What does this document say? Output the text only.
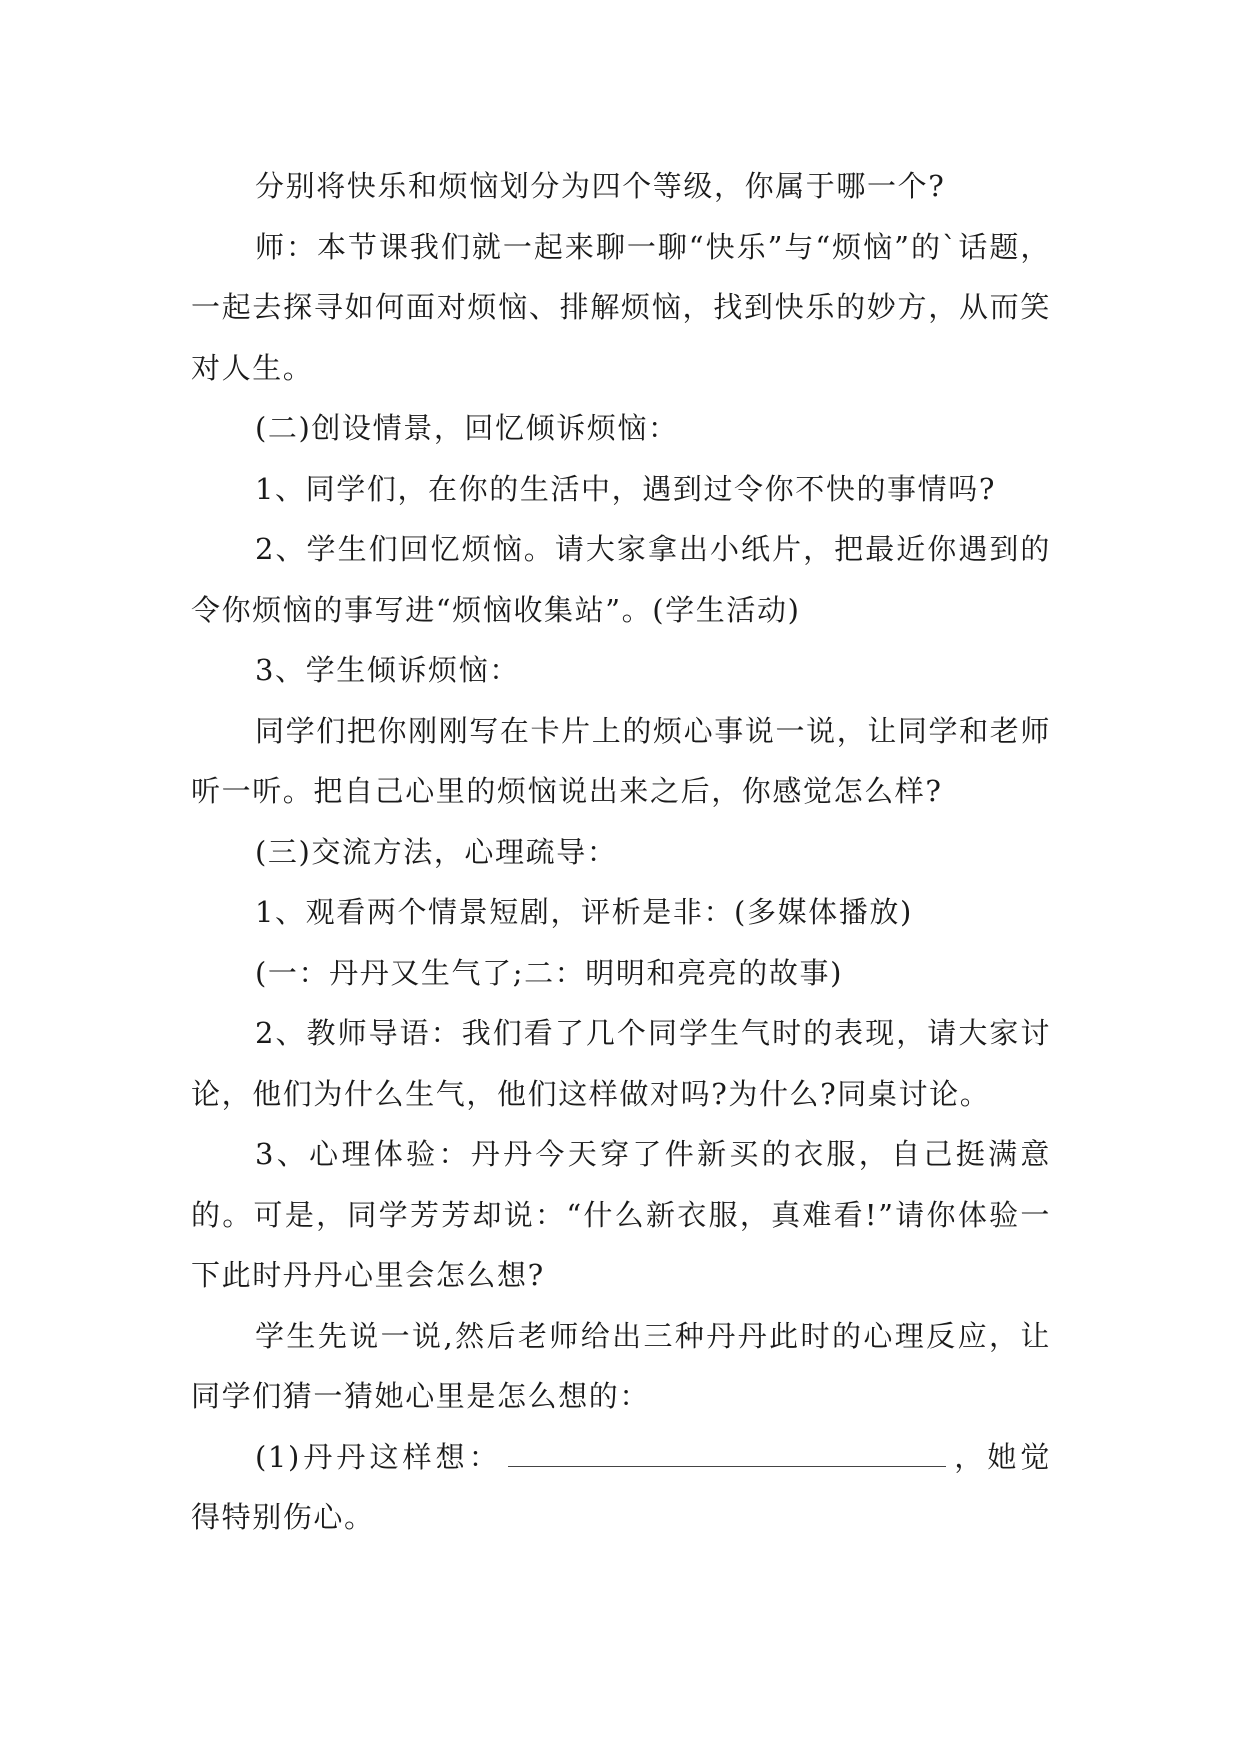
分别将快乐和烦恼划分为四个等级，你属于哪一个?

师：本节课我们就一起来聊一聊“快乐”与“烦恼”的`话题，一起去探寻如何面对烦恼、排解烦恼，找到快乐的妙方，从而笑对人生。

(二)创设情景，回忆倾诉烦恼：

1、同学们，在你的生活中，遇到过令你不快的事情吗?

2、学生们回忆烦恼。请大家拿出小纸片，把最近你遇到的令你烦恼的事写进“烦恼收集站”。(学生活动)

3、学生倾诉烦恼：

同学们把你刚刚写在卡片上的烦心事说一说，让同学和老师听一听。把自己心里的烦恼说出来之后，你感觉怎么样?

(三)交流方法，心理疏导：

1、观看两个情景短剧，评析是非：(多媒体播放)

(一：丹丹又生气了;二：明明和亮亮的故事)

2、教师导语：我们看了几个同学生气时的表现，请大家讨论，他们为什么生气，他们这样做对吗?为什么?同桌讨论。

3、心理体验：丹丹今天穿了件新买的衣服，自己挺满意的。可是，同学芳芳却说：“什么新衣服，真难看!”请你体验一下此时丹丹心里会怎么想?

学生先说一说,然后老师给出三种丹丹此时的心理反应，让同学们猜一猜她心里是怎么想的：

(1)丹丹这样想：	，她觉得特别伤心。
